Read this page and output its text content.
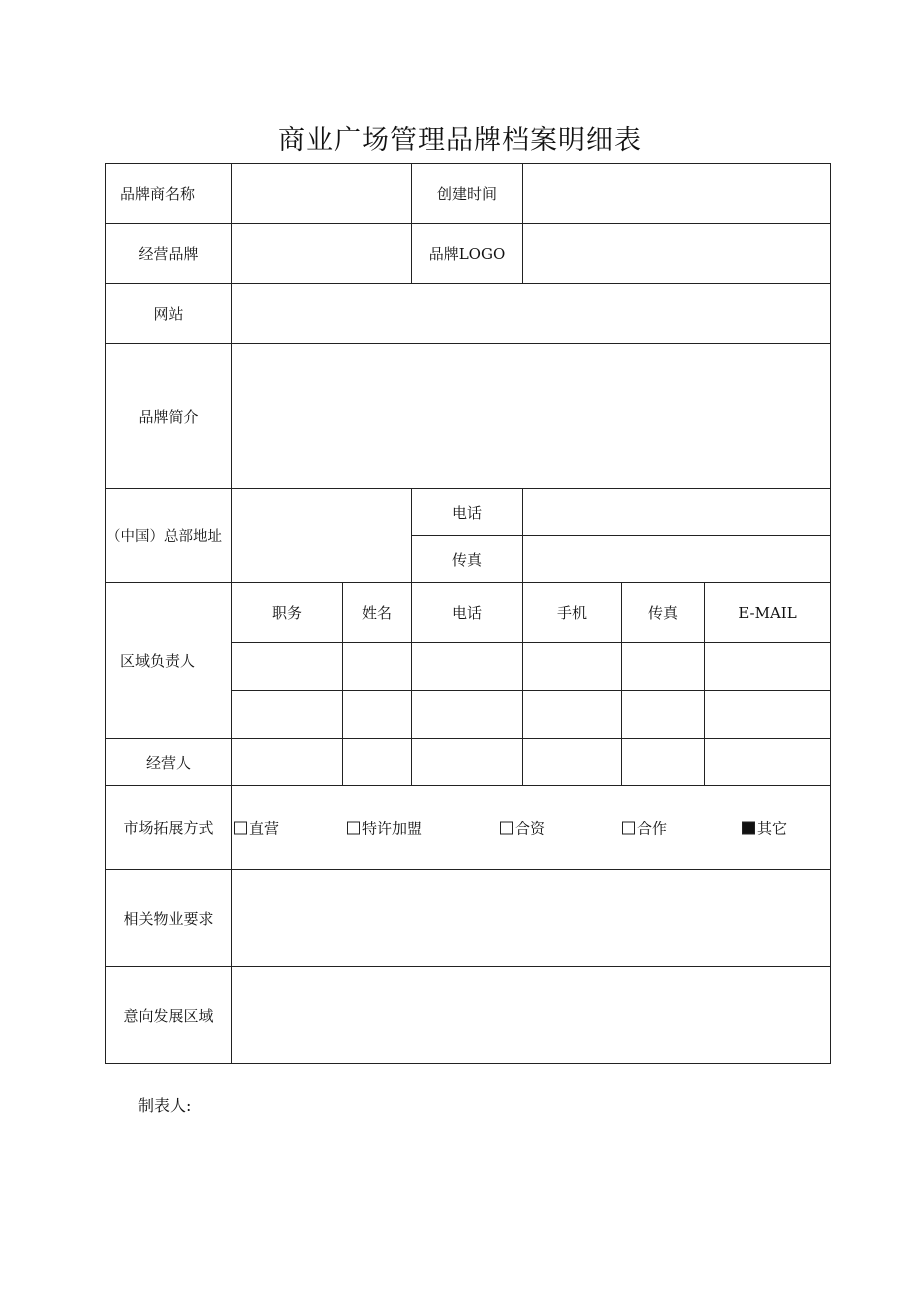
商业广场管理品牌档案明细表
品牌商名称			创建时间			
经营品牌			品牌LOGO			
网站						
品牌简介						
（中国）总部地址			电话			
			传真			
区域负责人	职务	姓名	电话	手机	传真	E-MAIL

经营人						
市场拓展方式	直营 特许加盟 合资 合作 其它					

相关物业要求						
意向发展区域						
制表人:
